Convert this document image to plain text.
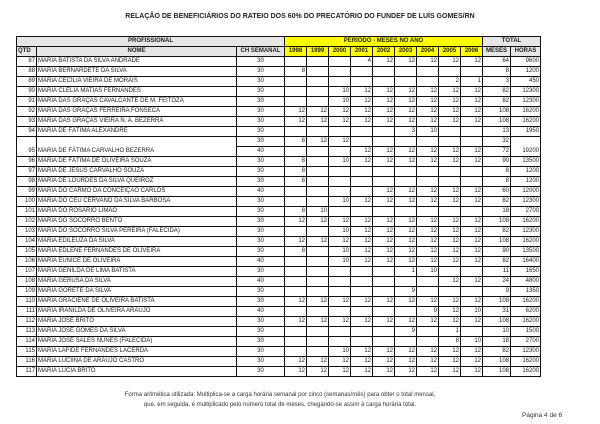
RELAÇÃO DE BENEFICIÁRIOS DO RATEIO DOS 60% DO PRECATÓRIO DO FUNDEF DE LUÍS GOMES/RN
PROFISSIONAL			PERÍODO - MESES NO ANO									TOTAL	
QTD	NOME	CH SEMANAL	1998	1999	2000	2001	2002	2003	2004	2005	2006	MESES	HORAS
87	MARIA BATISTA DA SILVA ANDRADE	30				4	12	12	12	12	12	64	9600
88	MARIA BERNARDETE DA SILVA	30	8									8	1200
89	MARIA CECÍLIA VIEIRA DE MORAIS	30								2	1	3	450
90	MARIA CLÉLIA MATIAS FERNANDES	30			10	12	12	12	12	12	12	82	12300
91	MARIA DAS GRAÇAS CAVALCANTE DE M. FEITOZA	30			10	12	12	12	12	12	12	82	12300
92	MARIA DAS GRAÇAS FERREIRA FONSECA	30	12	12	12	12	12	12	12	12	12	108	16200
93	MARIA DAS GRAÇAS VIEIRA N. A. BEZERRA	30	12	12	12	12	12	12	12	12	12	108	16200
94	MARIA DE FÁTIMA ALEXANDRE	30						3	10			13	1950
95	MARIA DE FÁTIMA CARVALHO BEZERRA	30	8	12	12							32	19200
		40				12	12	12	12	12	12	72	
96	MARIA DE FÁTIMA DE OLIVEIRA SOUZA	30	8		10	12	12	12	12	12	12	90	13500
97	MARIA DE JESUS CARVALHO SOUZA	30	8									8	1200
98	MARIA DE LOURDES DA SILVA QUEIROZ	30	8									8	1200
99	MARIA DO CARMO DA CONCEIÇÃO CARLOS	40					12	12	12	12	12	60	12000
100	MARIA DO CEU CERVANO DA SILVA BARBOSA	30			10	12	12	12	12	12	12	82	12300
101	MARIA DO ROSÁRIO LIMÃO	30	8	10								18	2700
102	MARIA DO SOCORRO BENTO	30	12	12	12	12	12	12	12	12	12	108	16200
103	MARIA DO SOCORRO SILVA PEREIRA (FALECIDA)	30			10	12	12	12	12	12	12	82	12300
104	MARIA EDILEUZA DA SILVA	30	12	12	12	12	12	12	12	12	12	108	16200
105	MARIA EDLENE FERNANDES DE OLIVEIRA	30	8		10	12	12	12	12	12	12	90	13500
106	MARIA EUNICE DE OLIVEIRA	40			10	12	12	12	12	12	12	82	16400
107	MARIA GENILDA DE LIMA BATISTA	30						1	10			11	1650
108	MARIA GERUSA DA SILVA	40								12	12	24	4800
109	MARIA GORETE DA SILVA	30						9				9	1350
110	MARIA GRACIENE DE OLIVEIRA BATISTA	30	12	12	12	12	12	12	12	12	12	108	16200
111	MARIA IRANILDA DE OLIVEIRA ARAÚJO	40							9	12	10	31	6200
112	MARIA JOSÉ BRITO	30	12	12	12	12	12	12	12	12	12	108	16200
113	MARIA JOSÉ GOMES DA SILVA	30						9		1		10	1500
114	MARIA JOSÉ SALES NUNES (FALECIDA)	30								8	10	18	2700
115	MARIA LAFIDE FERNANDES LACERDA	30			10	12	12	12	12	12	12	82	12300
116	MARIA LUCIINA DE ARAÚJO CASTRO	30	12	12	12	12	12	12	12	12	12	108	16200
117	MARIA LÚCIA BRITO	30	12	12	12	12	12	12	12	12	12	108	16200
Forma aritmética utilizada: Multiplica-se a carga horária semanal por cinco (semanas/mês) para obter o total mensal,
que, em seguida, é multiplicado pelo número total de meses, chegando-se assim à carga horária total.
Página 4 de 6
